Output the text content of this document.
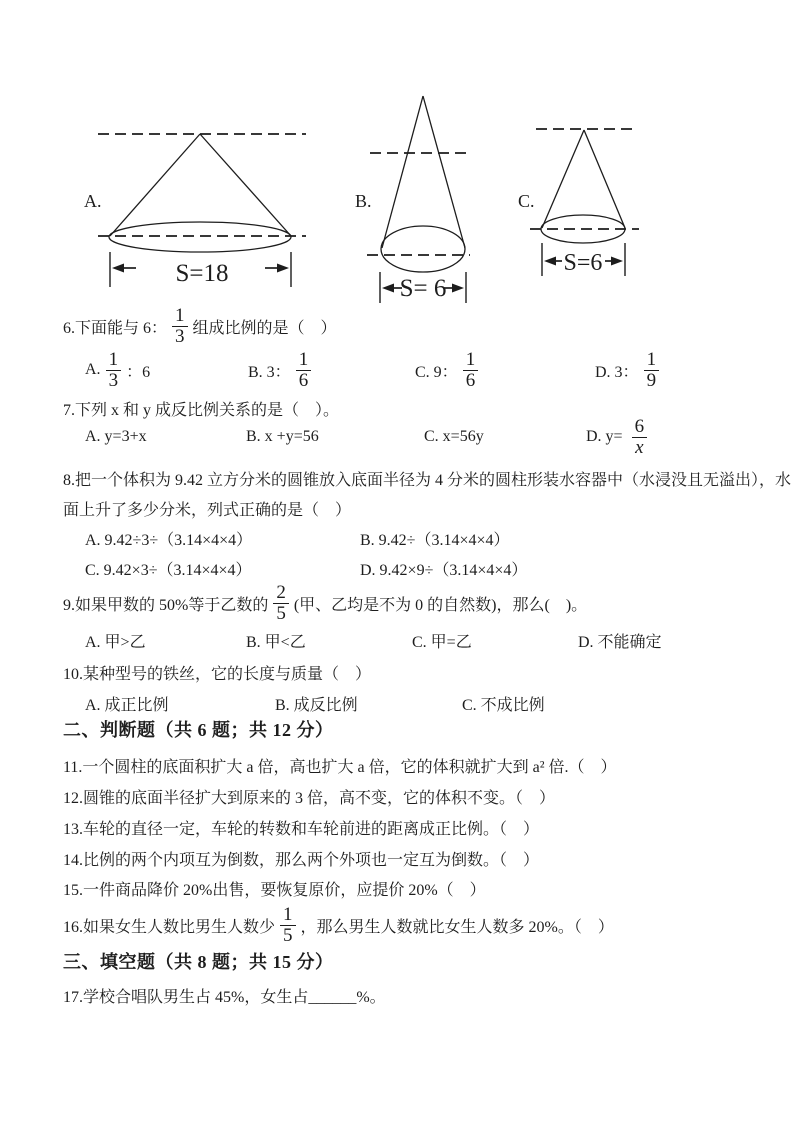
A.
S=18
B.
S= 6
C.
S=6
6.下面能与 6： $\frac{1}{3}$ 组成比例的是（　）
A. $\frac{1}{3}$ ：6	B. 3： $\frac{1}{6}$	C. 9： $\frac{1}{6}$	D. 3： $\frac{1}{9}$
7.下列 x 和 y 成反比例关系的是（　）。
A. y=3+x	B. x +y=56	C. x=56y	D. $y= \frac{6}{x}$
8.把一个体积为 9.42 立方分米的圆锥放入底面半径为 4 分米的圆柱形装水容器中（水浸没且无溢出），水
面上升了多少分米，列式正确的是（　）
A. 9.42÷3÷（3.14×4×4）	B. 9.42÷（3.14×4×4）
C. 9.42×3÷（3.14×4×4）	D. 9.42×9÷（3.14×4×4）
9.如果甲数的 50%等于乙数的 $\frac{2}{5}$ (甲、乙均是不为 0 的自然数)，那么(　)。
A. 甲>乙	B. 甲<乙	C. 甲=乙	D. 不能确定
10.某种型号的铁丝，它的长度与质量（　）
A. 成正比例	B. 成反比例	C. 不成比例
二、判断题（共 6 题；共 12 分）
11.一个圆柱的底面积扩大 a 倍，高也扩大 a 倍，它的体积就扩大到 a² 倍.（　）
12.圆锥的底面半径扩大到原来的 3 倍，高不变，它的体积不变。（　）
13.车轮的直径一定，车轮的转数和车轮前进的距离成正比例。（　）
14.比例的两个内项互为倒数，那么两个外项也一定互为倒数。（　）
15.一件商品降价 20%出售，要恢复原价，应提价 20%（　）
16.如果女生人数比男生人数少 $\frac{1}{5}$ ，那么男生人数就比女生人数多 20%。（　）
三、填空题（共 8 题；共 15 分）
17.学校合唱队男生占 45%，女生占______%。
